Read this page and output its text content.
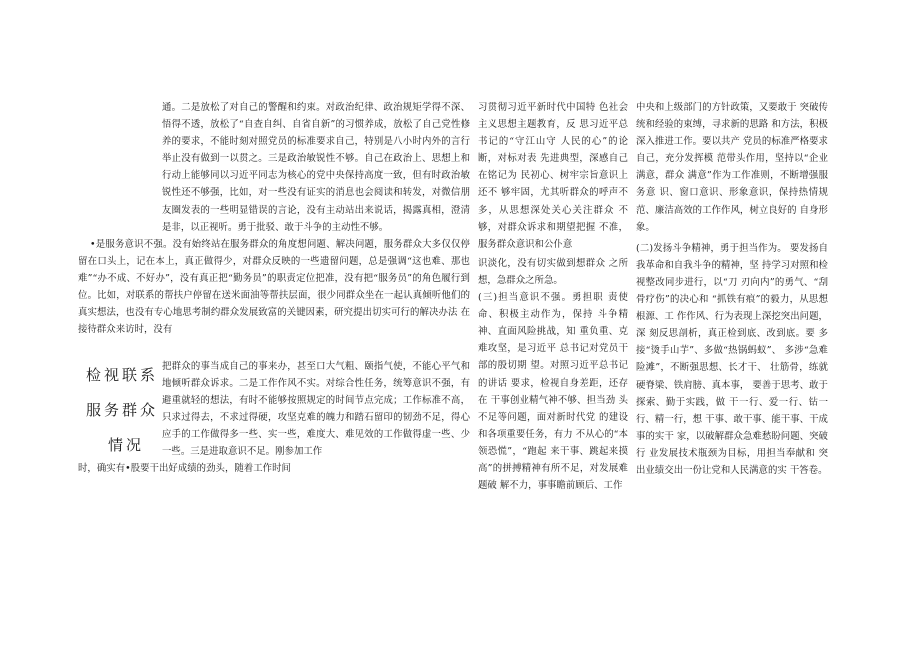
通。二是放松了对自己的警醒和约束。对政治纪律、政治规矩学得不深、悟得不透，放松了“自查自纠、自省自新”的习惯养成，放松了自己党性修养的要求，不能时刻对照党员的标准要求自己，特别是八小时内外的言行举止没有做到一以贯之。三是政治敏锐性不够。自己在政治上、思想上和行动上能够同以习近平同志为核心的党中央保持高度一致，但有时政治敏锐性还不够强，比如，对一些没有证实的消息也会阅读和转发，对微信朋友圈发表的一些明显错误的言论，没有主动站出来说话，揭露真相，澄清是非，以正视听。勇于批驳、敢于斗争的主动性不够。

•是服务意识不强。没有始终站在服务群众的角度想问题、解决问题，服务群众大多仅仅停留在口头上，记在本上，真正做得少，对群众反映的一些遗留问题，总是强调“这也难、那也难”“办不成、不好办”，没有真正把“勤务员”的职责定位把准，没有把“服务员”的角色履行到位。比如，对联系的帮扶户停留在送米面油等帮扶层面，很少同群众坐在一起认真倾听他们的真实想法，也没有专心地思考制约群众发展致富的关键因素，研究提出切实可行的解决办法 在接待群众来访时，没有

把群众的事当成自己的事来办，甚至口大气粗、颐指气使，不能心平气和地倾听群众诉求。二是工作作风不实。对综合性任务，统筹意识不强，有避重就轻的想法，有时不能够按照规定的时间节点完成；工作标准不高，只求过得去，不求过得硬，攻坚克难的魄力和踏石留印的韧劲不足，得心应手的工作做得多一些、实一些，难度大、难见效的工作做得虚一些、少一些。三是进取意识不足。刚参加工作

时，确实有•股要干出好成绩的劲头，随着工作时间

检视联系
服务群众
情况

习贯彻习近平新时代中国特 色社会主义思想主题教育，反 思习近平总书记的“守江山守 人民的心”的论断，对标对表 先进典型，深感自己在铭记为 民初心、树牢宗旨意识上还不 够牢固，尤其听群众的呼声不 多，从思想深处关心关注群众 不够，对群众诉求和期望把握 不准，服务群众意识和公仆意

识淡化，没有切实做到想群众 之所想，急群众之所急。

(三)担当意识不强。勇担职 责使命、积极主动作为，保持 斗争精神、直面风险挑战，知 重负重、克难攻坚，是习近平 总书记对党员干部的殷切期 望。对照习近平总书记的讲话 要求，检视自身差距，还存在 干事创业精气神不够、担当劲 头不足等问题，面对新时代党 的建设和各项重要任务，有力 不从心的“本领恐慌”，“跑起 来干事、跳起来摸高”的拼搏精神有所不足，对发展难题破 解不力，事事瞻前顾后、工作

中央和上级部门的方针政策，又要敢于 突破传统和经验的束缚，寻求新的思路 和方法，积极深入推进工作。要以共产 党员的标准严格要求自己，充分发挥模 范带头作用，坚持以“企业满意，群众 满意”作为工作准则，不断增强服务意 识、窗口意识、形象意识，保持热情规 范、廉洁高效的工作作风，树立良好的 自身形象。

(二)发扬斗争精神，勇于担当作为。 要发扬自我革命和自我斗争的精神，坚 持学习对照和检视整改同步进行，以“刀 刃向内”的勇气、“刮骨疗伤”的决心和 “抓铁有痕”的毅力，从思想根源、工 作作风、行为表现上深挖突出问题，深 刻反思剖析，真正检到底、改到底。要 多接“烫手山芋”、多做“热锅蚂蚁”、 多涉“急难险滩”，不断强思想、长才干、 壮筋骨，练就硬脊梁、铁肩膀、真本事， 要善于思考、敢于探索、勤于实践，做 干一行、爱一行、钻一行、精一行，想 干事、敢干事、能干事、干成事的实干 家，以破解群众急难愁盼问题、突破行 业发展技术瓶颈为目标，用担当奉献和 突出业绩交出一份让党和人民满意的实 干答卷。
